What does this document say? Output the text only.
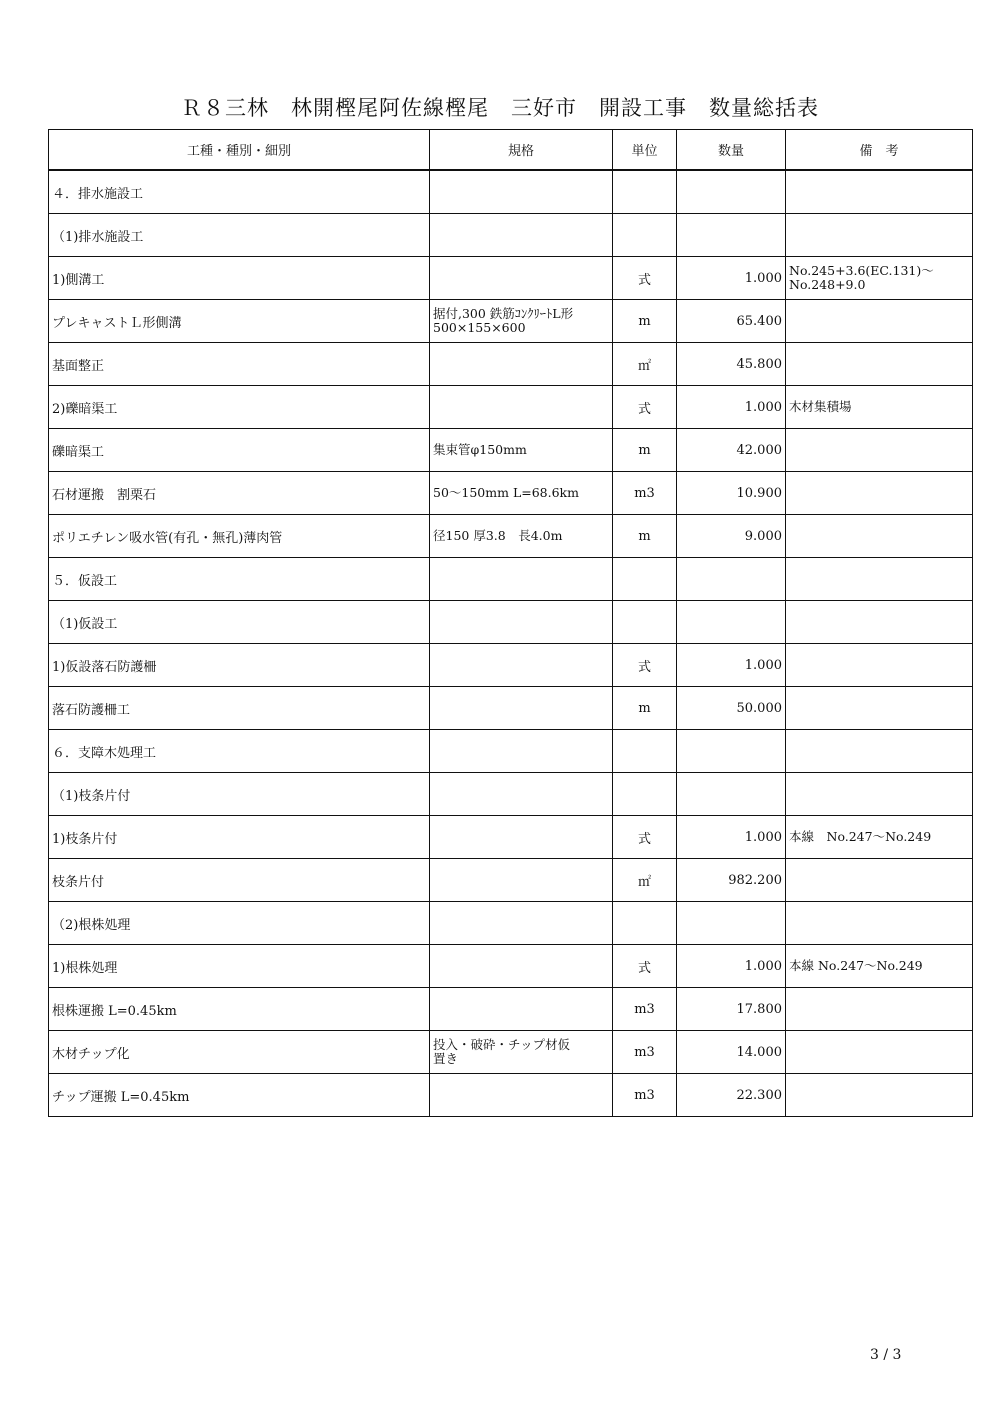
Ｒ８三林　林開樫尾阿佐線樫尾　三好市　開設工事　数量総括表
工種・種別・細別	規格	単位	数量	備　考
４．排水施設工				
（1)排水施設工				
1)側溝工		式	1.000	No.245+3.6(EC.131)～
No.248+9.0
プレキャストＬ形側溝	据付,300 鉄筋ｺﾝｸﾘｰﾄL形
500×155×600	m	65.400	
基面整正		㎡	45.800	
2)礫暗渠工		式	1.000	木材集積場
礫暗渠工	集束管φ150mm	m	42.000	
石材運搬　割栗石	50～150mm L=68.6km	m3	10.900	
ポリエチレン吸水管(有孔・無孔)薄肉管	径150 厚3.8　長4.0m	m	9.000	
５．仮設工				
（1)仮設工				
1)仮設落石防護柵		式	1.000	
落石防護柵工		m	50.000	
６．支障木処理工				
（1)枝条片付				
1)枝条片付		式	1.000	本線　No.247～No.249
枝条片付		㎡	982.200	
（2)根株処理				
1)根株処理		式	1.000	本線 No.247～No.249
根株運搬 L=0.45km		m3	17.800	
木材チップ化	投入・破砕・チップ材仮
置き	m3	14.000	
チップ運搬 L=0.45km		m3	22.300	
3 / 3
